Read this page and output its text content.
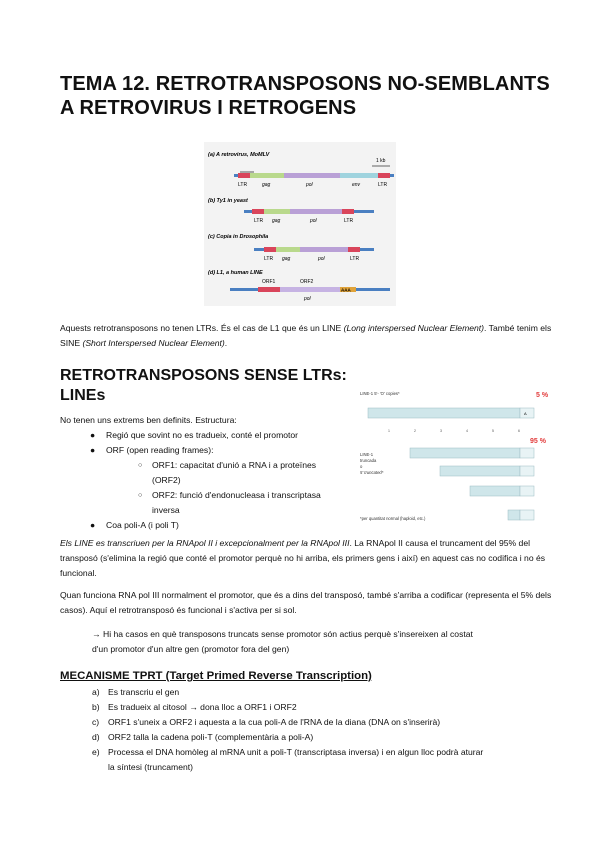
TEMA 12. RETROTRANSPOSONS NO-SEMBLANTS
A RETROVIRUS I RETROGENS
(a) A retrovirus, MoMLV
1 kb
LTR	gag	pol	env	LTR
(b) Ty1 in yeast
LTR gag	pol	LTR
(c) Copia in Drosophila
LTR gag	pol	LTR
(d) L1, a human LINE
ORF1	ORF2
AAA
pol
Aquests retrotransposons no tenen LTRs. És el cas de L1 que és un LINE (Long interspersed Nuclear Element). També tenim els SINE (Short Interspersed Nuclear Element).
RETROTRANSPOSONS SENSE LTRs:
LINEs
No tenen uns extrems ben definits. Estructura:
● Regió que sovint no es tradueix, conté el promotor
● ORF (open reading frames):
○ ORF1: capacitat d'unió a RNA i a proteïnes
(ORF2)
○ ORF2: funció d'endonucleasa i transcriptasa
inversa
● Coa poli-A (i poli T)
LINE-1 5'- 'O' copies*
LINE-1
truncada
o
5' truncated*
*per quantitat normal (haploid, etc.)
5 %
95 %
A
1	2	3	4	5	6
Els LINE es transcriuen per la RNApol II i excepcionalment per la RNApol III. La RNApol II causa el truncament del 95% del transposó (s'elimina la regió que conté el promotor perquè no hi arriba, els primers gens i així) en aquest cas no codifica i no és funcional.
Quan funciona RNA pol III normalment el promotor, que és a dins del transposó, també s'arriba a codificar (representa el 5% dels casos). Aquí el retrotransposó és funcional i s'activa per si sol.
→ Hi ha casos en què transposons truncats sense promotor són actius perquè s'insereixen al costat
d'un promotor d'un altre gen (promotor fora del gen)
MECANISME TPRT (Target Primed Reverse Transcription)
a) Es transcriu el gen
b) Es tradueix al citosol → dona lloc a ORF1 i ORF2
c) ORF1 s'uneix a ORF2 i aquesta a la cua poli-A de l'RNA de la diana (DNA on s'inserirà)
d) ORF2 talla la cadena poli-T (complementària a poli-A)
e) Processa el DNA homòleg al mRNA unit a poli-T (transcriptasa inversa) i en algun lloc podrà aturar
la síntesi (truncament)
